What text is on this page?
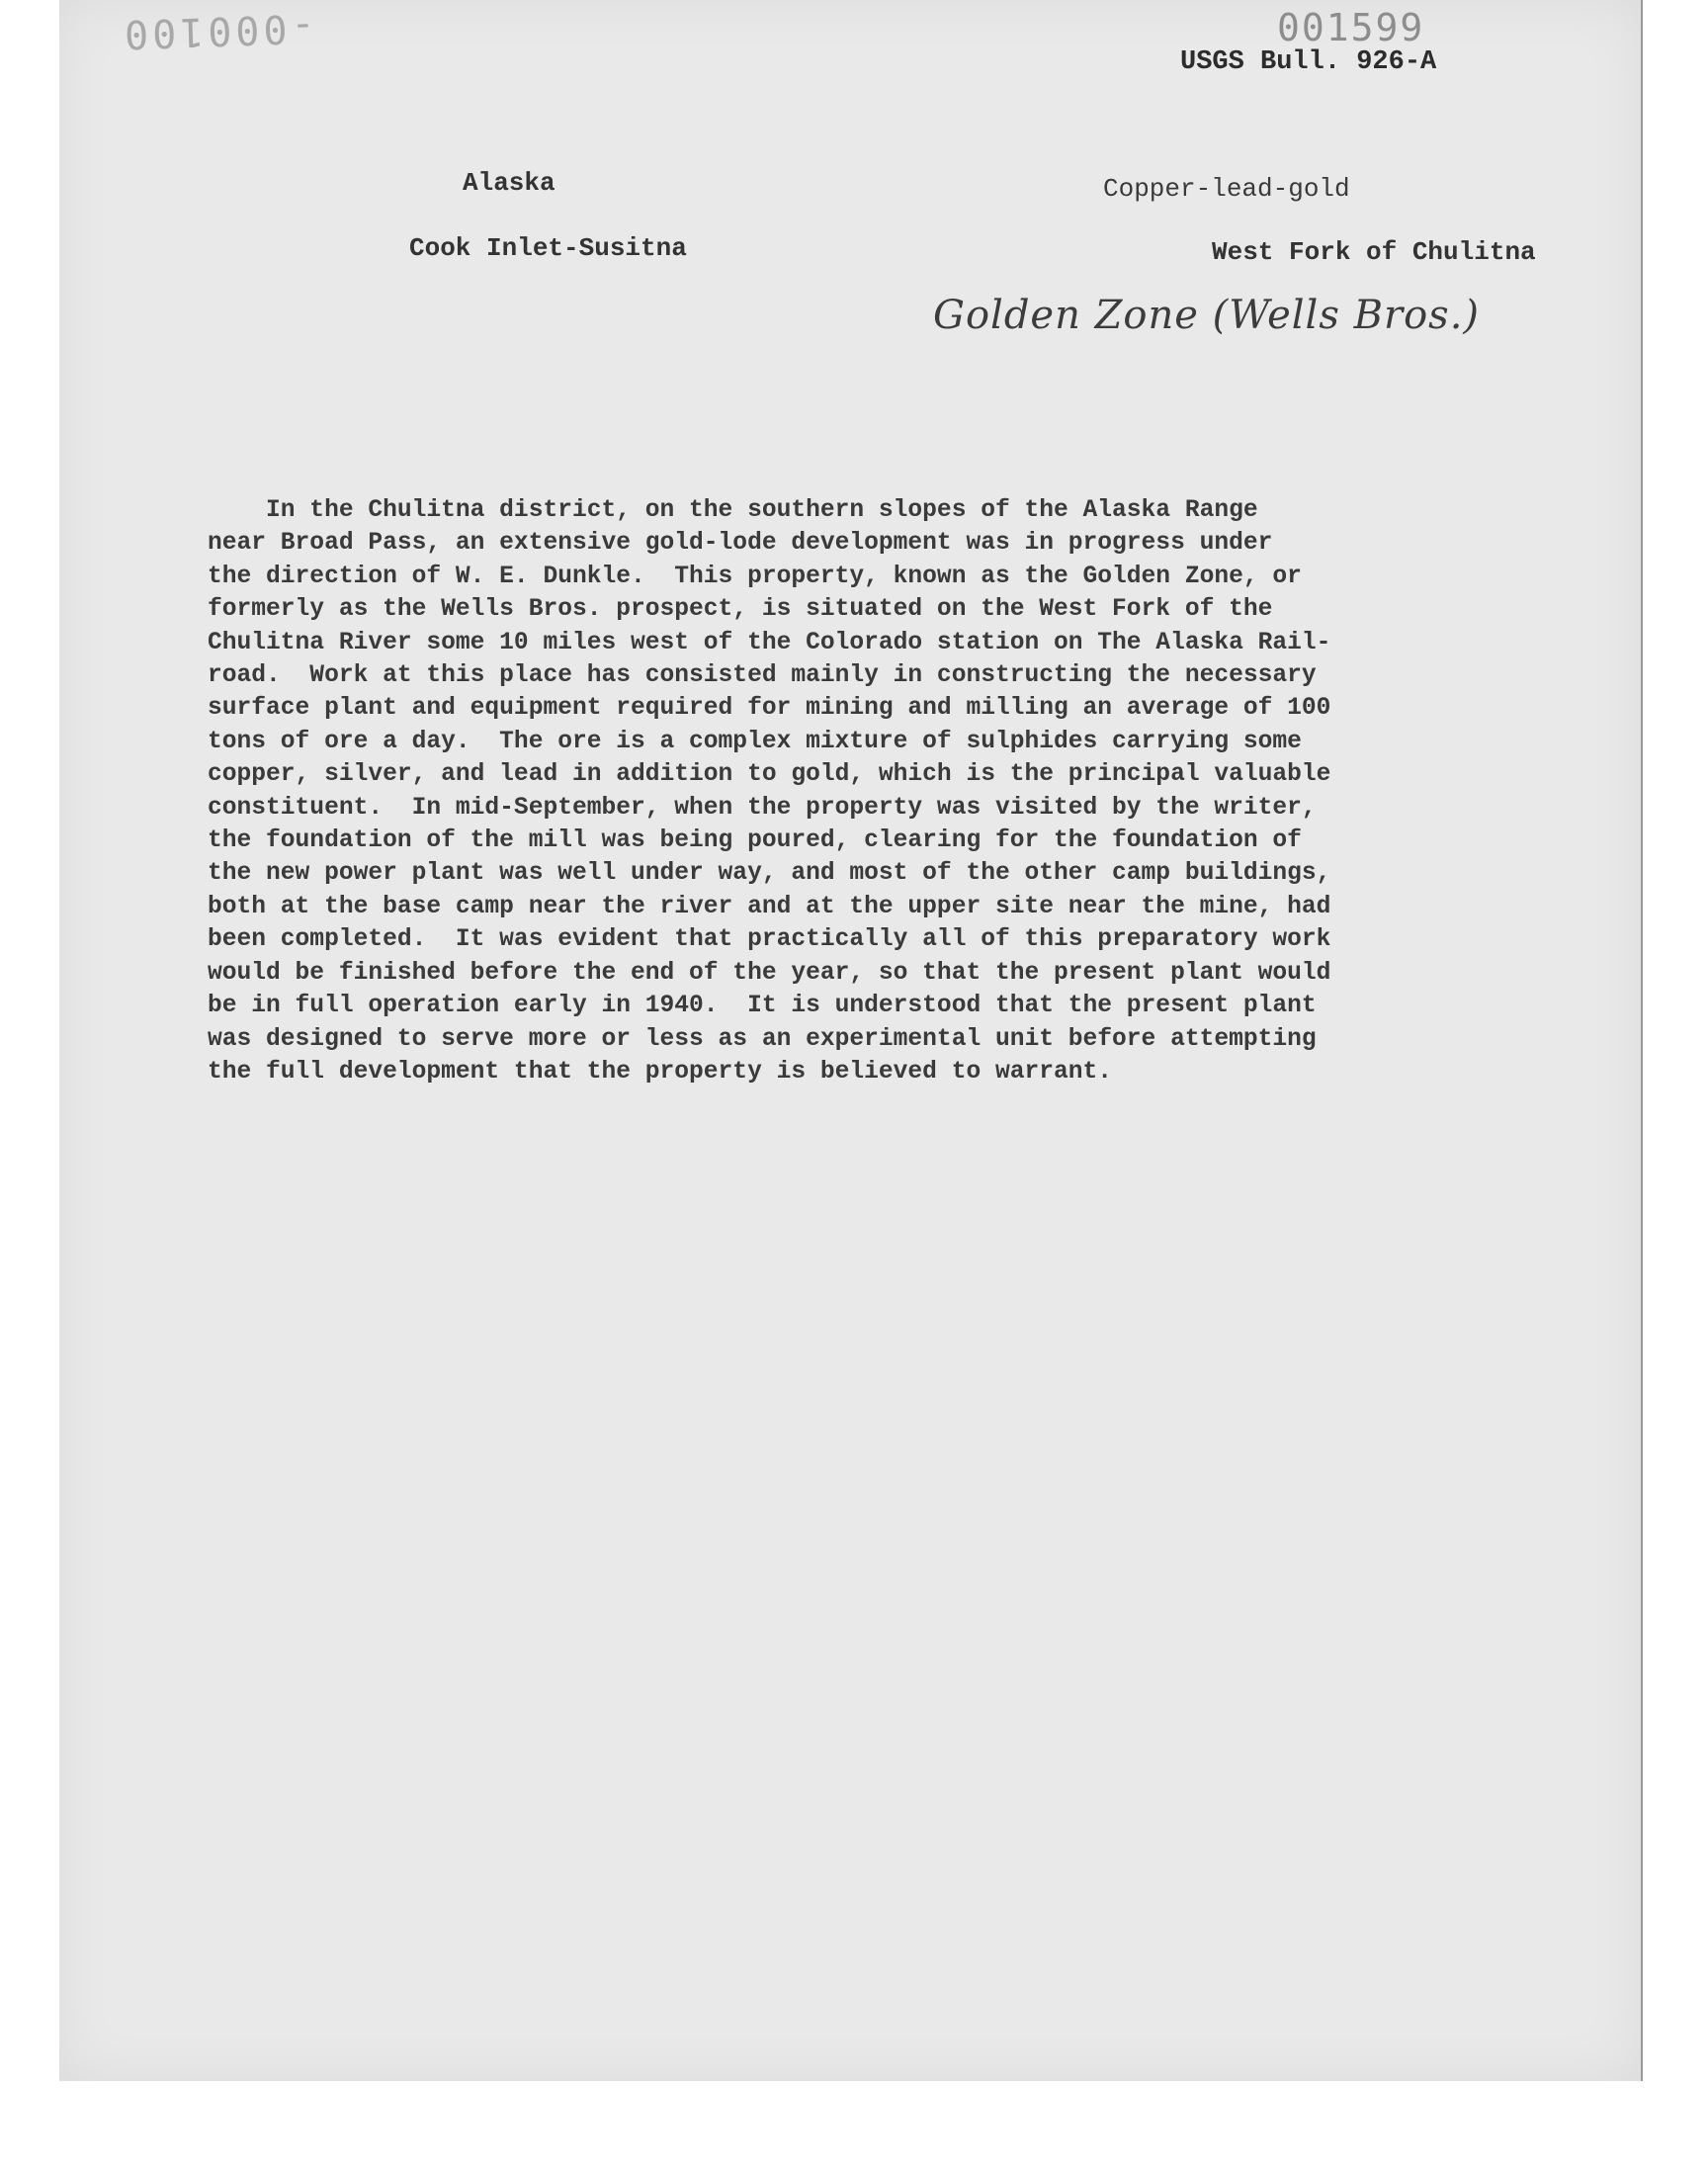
-000100	001599
USGS Bull. 926-A
Alaska
Cook Inlet-Susitna
Copper-lead-gold
West Fork of Chulitna
Golden Zone (Wells Bros.)
In the Chulitna district, on the southern slopes of the Alaska Range
near Broad Pass, an extensive gold-lode development was in progress under
the direction of W. E. Dunkle.  This property, known as the Golden Zone, or
formerly as the Wells Bros. prospect, is situated on the West Fork of the
Chulitna River some 10 miles west of the Colorado station on The Alaska Rail-
road.  Work at this place has consisted mainly in constructing the necessary
surface plant and equipment required for mining and milling an average of 100
tons of ore a day.  The ore is a complex mixture of sulphides carrying some
copper, silver, and lead in addition to gold, which is the principal valuable
constituent.  In mid-September, when the property was visited by the writer,
the foundation of the mill was being poured, clearing for the foundation of
the new power plant was well under way, and most of the other camp buildings,
both at the base camp near the river and at the upper site near the mine, had
been completed.  It was evident that practically all of this preparatory work
would be finished before the end of the year, so that the present plant would
be in full operation early in 1940.  It is understood that the present plant
was designed to serve more or less as an experimental unit before attempting
the full development that the property is believed to warrant.
